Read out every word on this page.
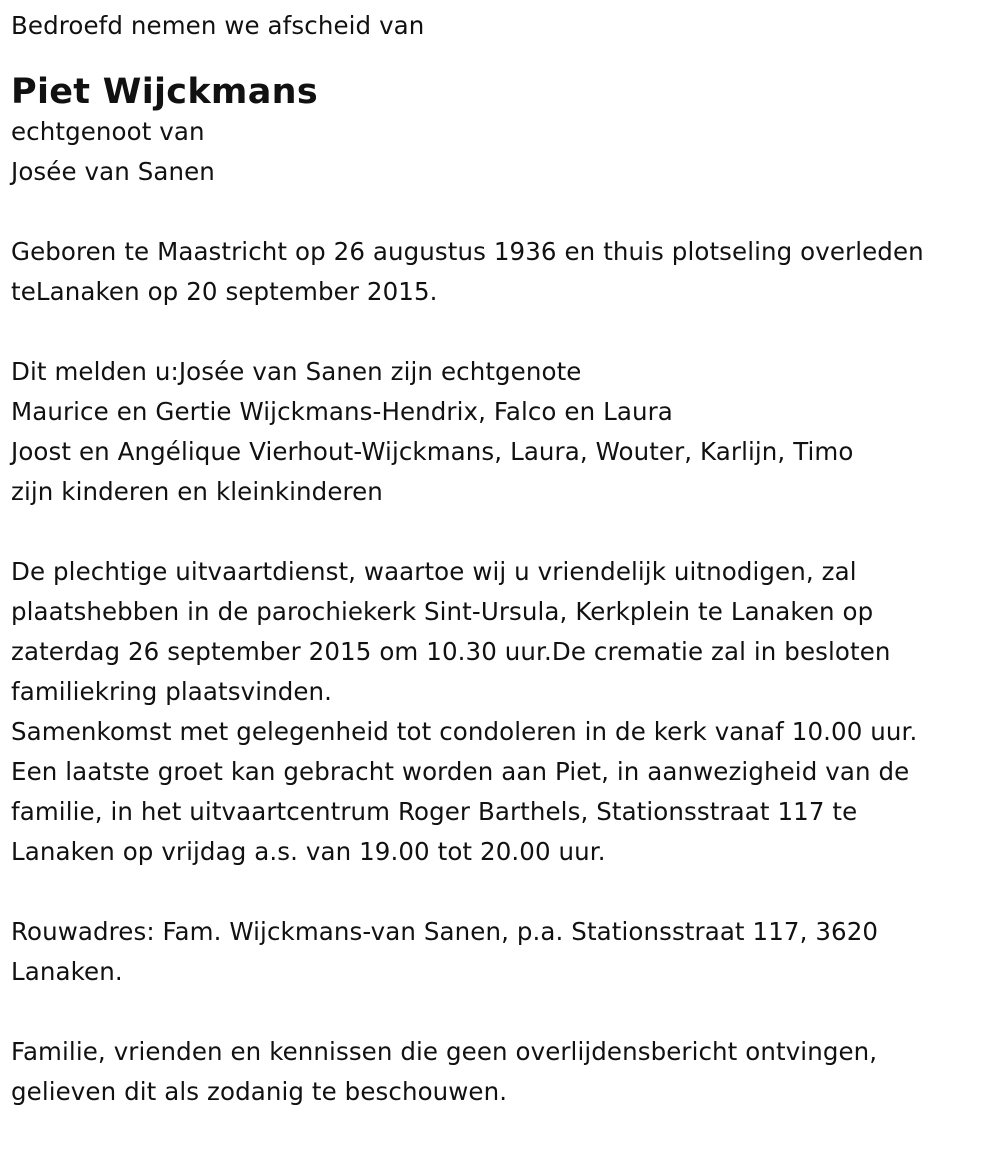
Bedroefd nemen we afscheid van
Piet Wijckmans
echtgenoot van
Josée van Sanen
Geboren te Maastricht op 26 augustus 1936 en thuis plotseling overleden
teLanaken op 20 september 2015.
Dit melden u:Josée van Sanen zijn echtgenote
Maurice en Gertie Wijckmans-Hendrix, Falco en Laura
Joost en Angélique Vierhout-Wijckmans, Laura, Wouter, Karlijn, Timo
zijn kinderen en kleinkinderen
De plechtige uitvaartdienst, waartoe wij u vriendelijk uitnodigen, zal
plaatshebben in de parochiekerk Sint-Ursula, Kerkplein te Lanaken op
zaterdag 26 september 2015 om 10.30 uur.De crematie zal in besloten
familiekring plaatsvinden.
Samenkomst met gelegenheid tot condoleren in de kerk vanaf 10.00 uur.
Een laatste groet kan gebracht worden aan Piet, in aanwezigheid van de
familie, in het uitvaartcentrum Roger Barthels, Stationsstraat 117 te
Lanaken op vrijdag a.s. van 19.00 tot 20.00 uur.
Rouwadres: Fam. Wijckmans-van Sanen, p.a. Stationsstraat 117, 3620
Lanaken.
Familie, vrienden en kennissen die geen overlijdensbericht ontvingen,
gelieven dit als zodanig te beschouwen.
